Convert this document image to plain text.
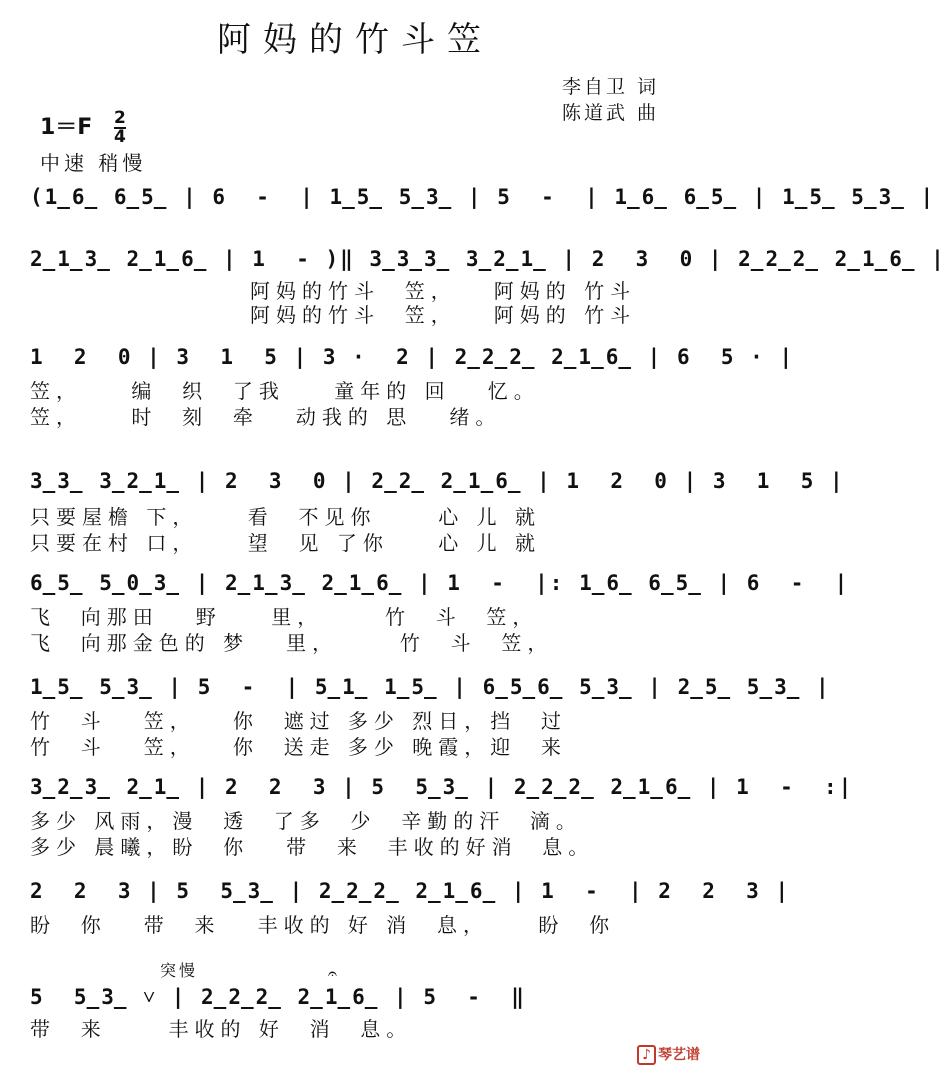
阿妈的竹斗笠
李自卫 词
陈道武 曲
$1=F \frac{2}{4}$
中速 稍慢
(1̲6̲ 6̲5̲ | 6  -  | 1̲5̲ 5̲3̲ | 5  -  | 1̲6̲ 6̲5̲ | 1̲5̲ 5̲3̲ |
2̲1̲3̲ 2̲1̲6̲ | 1  - )‖ 3̲3̲3̲ 3̲2̲1̲ | 2  3  0 | 2̲2̲2̲ 2̲1̲6̲ |
阿妈的竹斗  笠，   阿妈的 竹斗
阿妈的竹斗  笠，   阿妈的 竹斗
1  2  0 | 3  1  5 | 3 ·  2 | 2̲2̲2̲ 2̲1̲6̲ | 6  5 · |
笠，    编  织  了我    童年的 回   忆。
笠，    时  刻  牵   动我的 思   绪。
3̲3̲ 3̲2̲1̲ | 2  3  0 | 2̲2̲ 2̲1̲6̲ | 1  2  0 | 3  1  5 |
只要屋檐 下，    看  不见你     心 儿 就
只要在村 口，    望  见 了你    心 儿 就
6̲5̲ 5̲0̲3̲ | 2̲1̲3̲ 2̲1̲6̲ | 1  -  |: 1̲6̲ 6̲5̲ | 6  -  |
飞  向那田   野    里，     竹  斗  笠，
飞  向那金色的 梦   里，     竹  斗  笠，
1̲5̲ 5̲3̲ | 5  -  | 5̲1̲ 1̲5̲ | 6̲5̲6̲ 5̲3̲ | 2̲5̲ 5̲3̲ |
竹  斗   笠，   你  遮过 多少 烈日，挡  过
竹  斗   笠，   你  送走 多少 晚霞，迎  来
3̲2̲3̲ 2̲1̲ | 2  2  3 | 5  5̲3̲ | 2̲2̲2̲ 2̲1̲6̲ | 1  -  :|
多少 风雨，漫  透  了多  少  辛勤的汗  滴。
多少 晨曦，盼  你   带  来  丰收的好消  息。
2  2  3 | 5  5̲3̲ | 2̲2̲2̲ 2̲1̲6̲ | 1  -  | 2  2  3 |
盼  你   带  来   丰收的 好 消  息，    盼  你
突慢	𝄐
5  5̲3̲ ˅ | 2̲2̲2̲ 2̲1̲6̲ | 5  -  ‖
带  来     丰收的 好  消  息。
♪ 琴艺谱
